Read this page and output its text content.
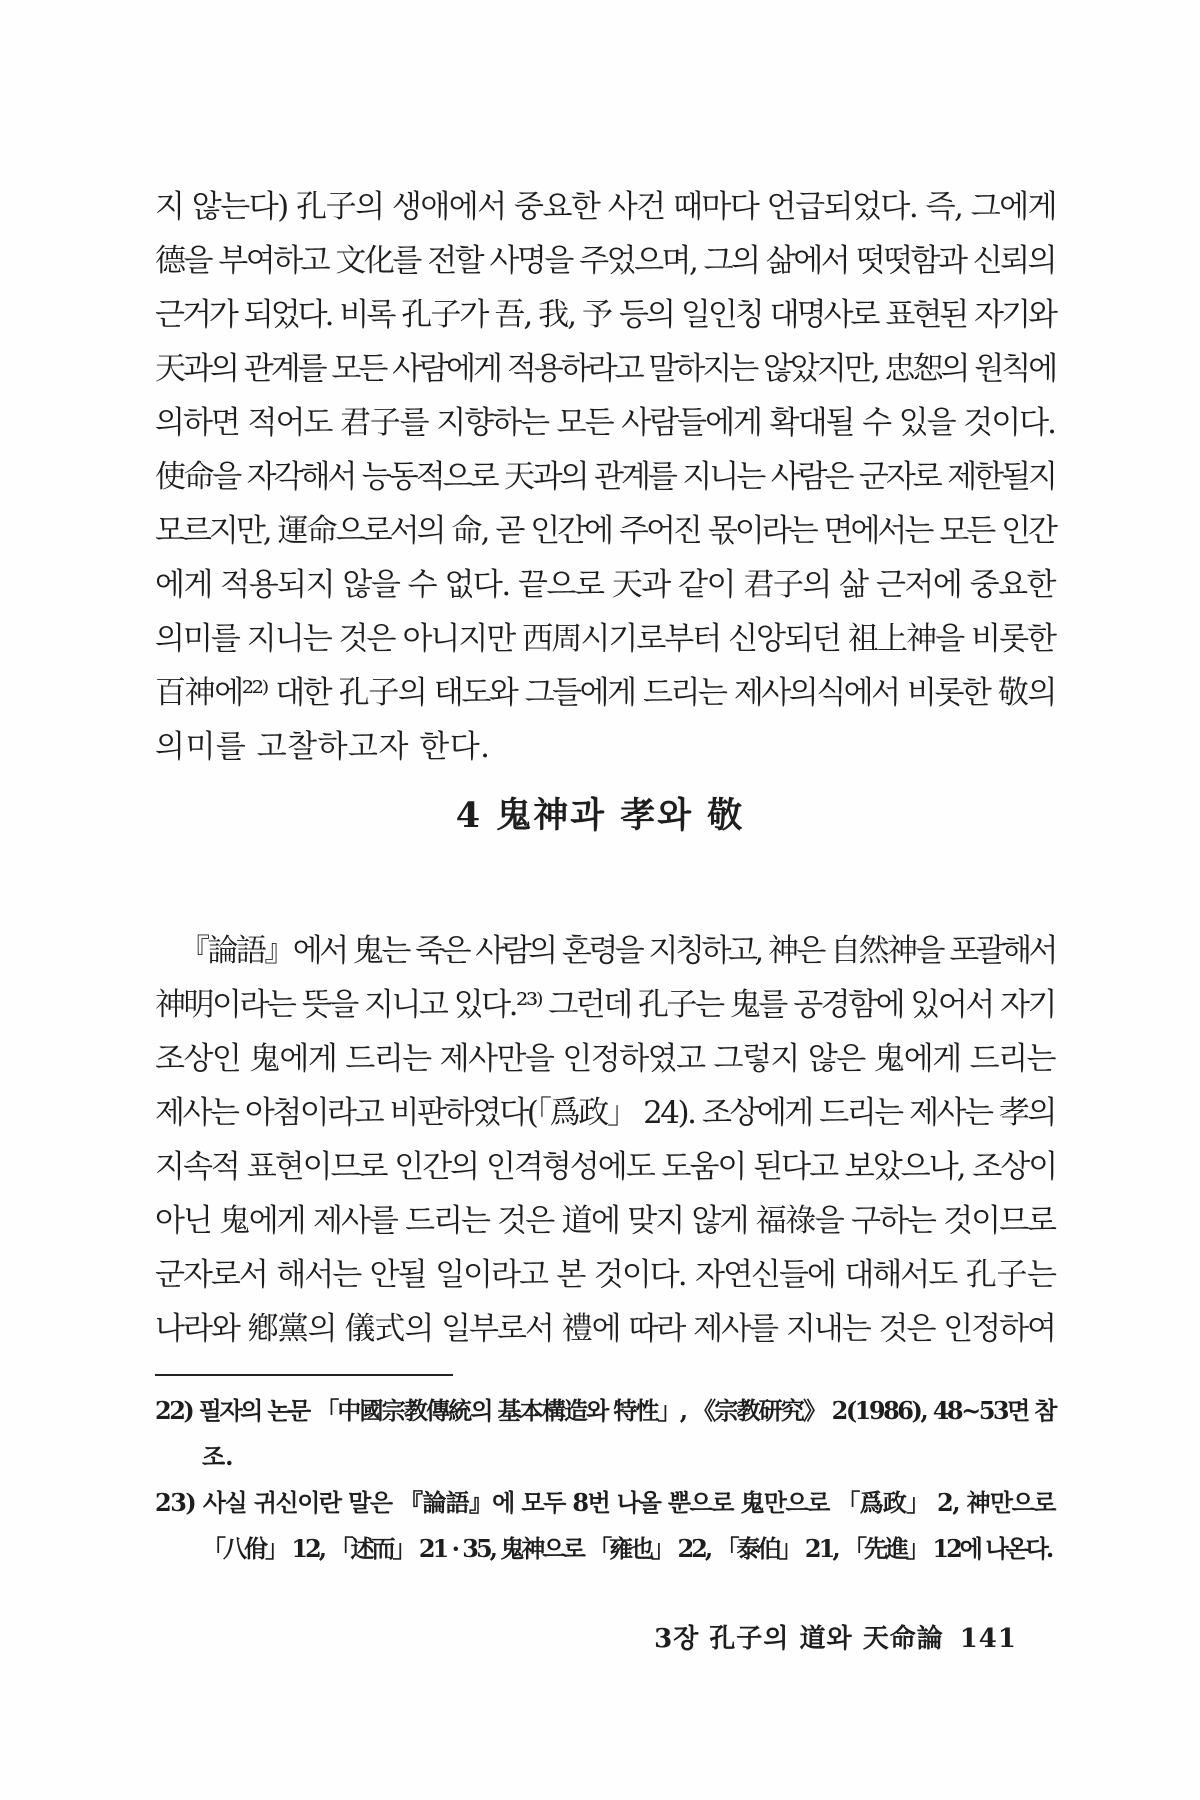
지 않는다) 孔子의 생애에서 중요한 사건 때마다 언급되었다. 즉, 그에게
德을 부여하고 文化를 전할 사명을 주었으며, 그의 삶에서 떳떳함과 신뢰의
근거가 되었다. 비록 孔子가 吾, 我, 予 등의 일인칭 대명사로 표현된 자기와
天과의 관계를 모든 사람에게 적용하라고 말하지는 않았지만, 忠恕의 원칙에
의하면 적어도 君子를 지향하는 모든 사람들에게 확대될 수 있을 것이다.
使命을 자각해서 능동적으로 天과의 관계를 지니는 사람은 군자로 제한될지
모르지만, 運命으로서의 命, 곧 인간에 주어진 몫이라는 면에서는 모든 인간
에게 적용되지 않을 수 없다. 끝으로 天과 같이 君子의 삶 근저에 중요한
의미를 지니는 것은 아니지만 西周시기로부터 신앙되던 祖上神을 비롯한
百神에²²⁾ 대한 孔子의 태도와 그들에게 드리는 제사의식에서 비롯한 敬의
의미를 고찰하고자 한다.
4 鬼神과 孝와 敬
『論語』에서 鬼는 죽은 사람의 혼령을 지칭하고, 神은 自然神을 포괄해서
神明이라는 뜻을 지니고 있다.²³⁾ 그런데 孔子는 鬼를 공경함에 있어서 자기
조상인 鬼에게 드리는 제사만을 인정하였고 그렇지 않은 鬼에게 드리는
제사는 아첨이라고 비판하였다(「爲政」 24). 조상에게 드리는 제사는 孝의
지속적 표현이므로 인간의 인격형성에도 도움이 된다고 보았으나, 조상이
아닌 鬼에게 제사를 드리는 것은 道에 맞지 않게 福祿을 구하는 것이므로
군자로서 해서는 안될 일이라고 본 것이다. 자연신들에 대해서도 孔子는
나라와 鄕黨의 儀式의 일부로서 禮에 따라 제사를 지내는 것은 인정하여
22) 필자의 논문 「中國宗教傳統의 基本構造와 特性」, 《宗教研究》 2(1986), 48~53면 참
조.
23) 사실 귀신이란 말은 『論語』에 모두 8번 나올 뿐으로 鬼만으로 「爲政」 2, 神만으로
「八佾」 12, 「述而」 21 · 35, 鬼神으로 「雍也」 22, 「泰伯」 21, 「先進」 12에 나온다.
3장 孔子의 道와 天命論 141
